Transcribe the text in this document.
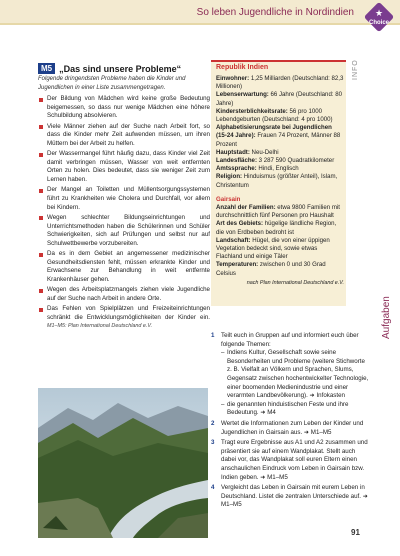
So leben Jugendliche in Nordindien	★
Choice
M5 „Das sind unsere Probleme“
Folgende dringendsten Probleme haben die Kinder und Jugendlichen in einer Liste zusammengetragen.
Der Bildung von Mädchen wird keine große Bedeutung beigemessen, so dass nur wenige Mädchen eine höhere Schulbildung absolvieren.
Viele Männer ziehen auf der Suche nach Arbeit fort, so dass die Kinder mehr Zeit aufwenden müssen, um ihren Müttern bei der Arbeit zu helfen.
Der Wassermangel führt häufig dazu, dass Kinder viel Zeit damit verbringen müssen, Wasser von weit entfernten Orten zu holen. Dies bedeutet, dass sie weniger Zeit zum Lernen haben.
Der Mangel an Toiletten und Müllentsorgungssystemen führt zu Krankheiten wie Cholera und Durchfall, vor allem bei Kindern.
Wegen schlechter Bildungseinrichtungen und Unterrichtsmethoden haben die Schülerinnen und Schüler Schwierigkeiten, sich auf Prüfungen und selbst nur auf Schulwettbewerbe vorzubereiten.
Da es in dem Gebiet an angemessener medizinischer Gesundheitsdiensten fehlt, müssen erkrankte Kinder und Erwachsene zur Behandlung in weit entfernte Krankenhäuser gehen.
Wegen des Arbeitsplatzmangels ziehen viele Jugendliche auf der Suche nach Arbeit in andere Orte.
Das Fehlen von Spielplätzen und Freizeiteinrichtungen schränkt die Entwicklungsmöglichkeiten der Kinder ein. M1–M5: Plan International Deutschland e.V.
INFO
Republik Indien

Einwohner: 1,25 Milliarden (Deutschland: 82,3 Millionen)

Lebenserwartung: 66 Jahre (Deutschland: 80 Jahre)

Kindersterblichkeitsrate: 56 pro 1000 Lebendgeburten (Deutschland: 4 pro 1000)

Alphabetisierungsrate bei Jugendlichen (15-24 Jahre): Frauen 74 Prozent, Männer 88 Prozent

Hauptstadt: Neu-Delhi

Landesfläche: 3 287 590 Quadratkilometer

Amtssprache: Hindi, Englisch

Religion: Hinduismus (größter Anteil), Islam, Christentum

Gairsain

Anzahl der Familien: etwa 9800 Familien mit durchschnittlich fünf Personen pro Haushalt

Art des Gebiets: hügelige ländliche Region, die von Erdbeben bedroht ist

Landschaft: Hügel, die von einer üppigen Vegetation bedeckt sind, sowie etwas Flachland und einige Täler

Temperaturen: zwischen 0 und 30 Grad Celsius

nach Plan International Deutschland e.V.

Aufgaben
1 Teilt euch in Gruppen auf und informiert euch über folgende Themen:
– Indiens Kultur, Gesellschaft sowie seine Besonderheiten und Probleme (weitere Stichworte z. B. Vielfalt an Völkern und Sprachen, Slums, Gegensatz zwischen hochentwickelter Technologie, einer boomenden Medienindustrie und einer verarmten Landbevölkerung). ➜ Infokasten
– die genannten hinduistischen Feste und ihre Bedeutung. ➜ M4
2 Wertet die Informationen zum Leben der Kinder und Jugendlichen in Gairsain aus. ➜ M1–M5
3 Tragt eure Ergebnisse aus A1 und A2 zusammen und präsentiert sie auf einem Wandplakat. Stellt auch dabei vor, das Wandplakat soll euren Eltern einen anschaulichen Eindruck vom Leben in Gairsain bzw. Indien geben. ➜ M1–M5
4 Vergleicht das Leben in Gairsain mit eurem Leben in Deutschland. Listet die zentralen Unterschiede auf. ➜ M1–M5
91
